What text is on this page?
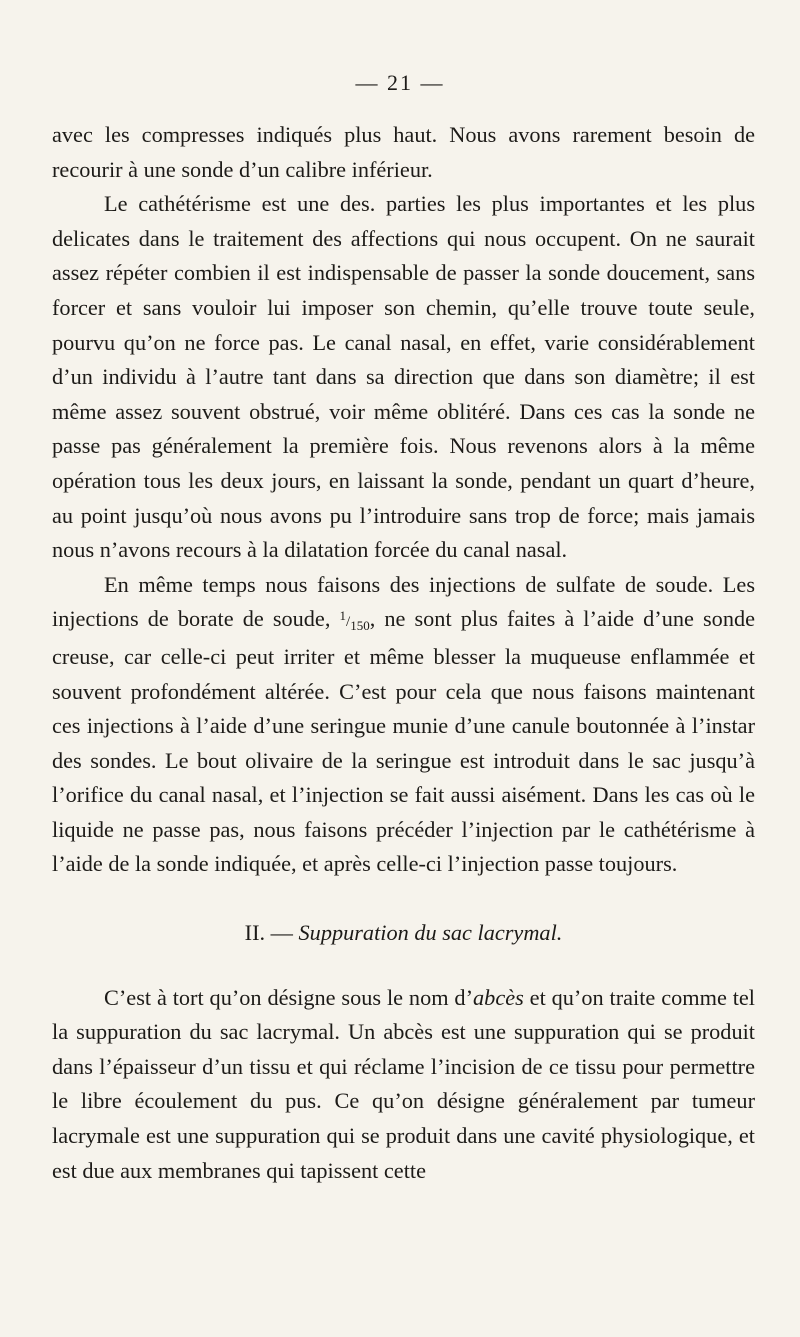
— 21 —

avec les compresses indiqués plus haut. Nous avons rarement besoin de recourir à une sonde d’un calibre inférieur.

Le cathétérisme est une des. parties les plus importantes et les plus delicates dans le traitement des affections qui nous occupent. On ne saurait assez répéter combien il est indispensable de passer la sonde doucement, sans forcer et sans vouloir lui imposer son chemin, qu’elle trouve toute seule, pourvu qu’on ne force pas. Le canal nasal, en effet, varie considérablement d’un individu à l’autre tant dans sa direction que dans son diamètre; il est même assez souvent obstrué, voir même oblitéré. Dans ces cas la sonde ne passe pas généralement la première fois. Nous revenons alors à la même opération tous les deux jours, en laissant la sonde, pendant un quart d’heure, au point jusqu’où nous avons pu l’introduire sans trop de force; mais jamais nous n’avons recours à la dilatation forcée du canal nasal.

En même temps nous faisons des injections de sulfate de soude. Les injections de borate de soude, $^1/_{150}$, ne sont plus faites à l’aide d’une sonde creuse, car celle-ci peut irriter et même blesser la muqueuse enflammée et souvent profondément altérée. C’est pour cela que nous faisons maintenant ces injections à l’aide d’une seringue munie d’une canule boutonnée à l’instar des sondes. Le bout olivaire de la seringue est introduit dans le sac jusqu’à l’orifice du canal nasal, et l’injection se fait aussi aisément. Dans les cas où le liquide ne passe pas, nous faisons précéder l’injection par le cathétérisme à l’aide de la sonde indiquée, et après celle-ci l’injection passe toujours.

II. — Suppuration du sac lacrymal.

C’est à tort qu’on désigne sous le nom d’abcès et qu’on traite comme tel la suppuration du sac lacrymal. Un abcès est une suppuration qui se produit dans l’épaisseur d’un tissu et qui réclame l’incision de ce tissu pour permettre le libre écoulement du pus. Ce qu’on désigne généralement par tumeur lacrymale est une suppuration qui se produit dans une cavité physiologique, et est due aux membranes qui tapissent cette
